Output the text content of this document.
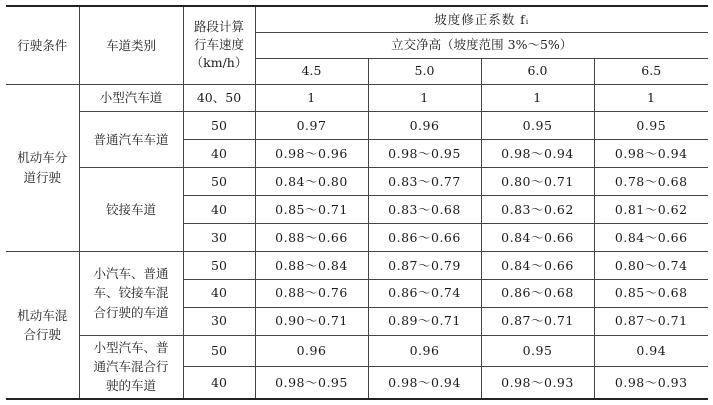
行驶条件	车道类别	路段计算行车速度（km/h）	坡度修正系数 fᵢ			
			立交净高（坡度范围 3%～5%）			
			4.5	5.0	6.0	6.5
机动车分道行驶	小型汽车道	40、50	1	1	1	1
	普通汽车车道	50	0.97	0.96	0.95	0.95
		40	0.98～0.96	0.98～0.95	0.98～0.94	0.98～0.94
	铰接车道	50	0.84～0.80	0.83～0.77	0.80～0.71	0.78～0.68
		40	0.85～0.71	0.83～0.68	0.83～0.62	0.81～0.62
		30	0.88～0.66	0.86～0.66	0.84～0.66	0.84～0.66
机动车混合行驶	小汽车、普通车、铰接车混合行驶的车道	50	0.88～0.84	0.87～0.79	0.84～0.66	0.80～0.74
		40	0.88～0.76	0.86～0.74	0.86～0.68	0.85～0.68
		30	0.90～0.71	0.89～0.71	0.87～0.71	0.87～0.71
	小型汽车、普通汽车混合行驶的车道	50	0.96	0.96	0.95	0.94
		40	0.98～0.95	0.98～0.94	0.98～0.93	0.98～0.93
